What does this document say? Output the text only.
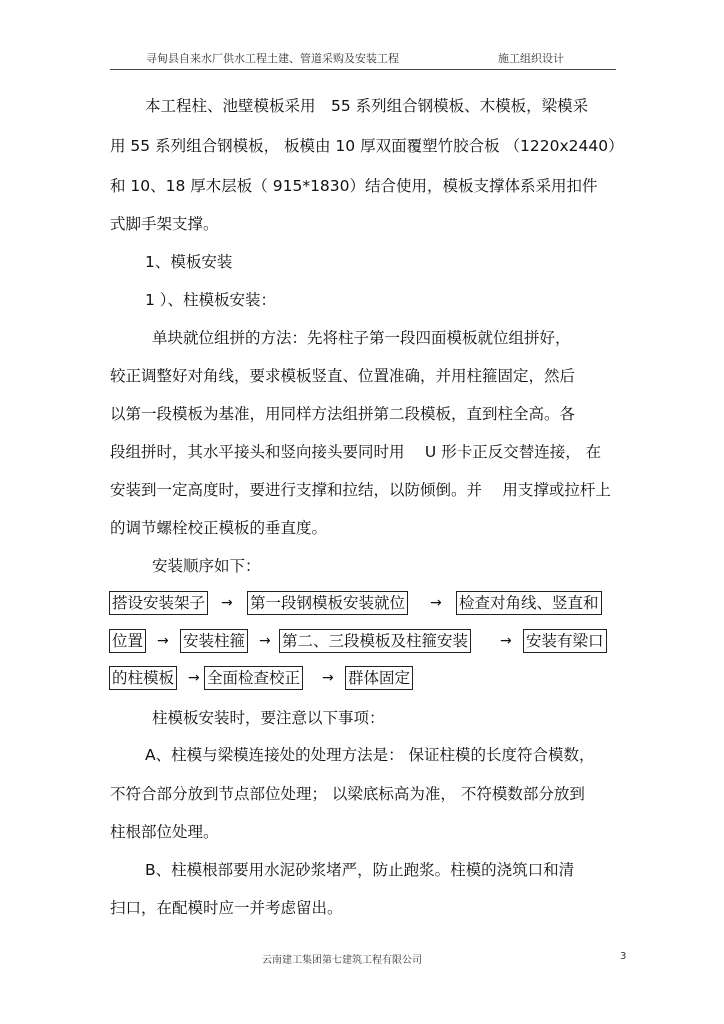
寻甸县自来水厂供水工程土建、管道采购及安装工程	施工组织设计
本工程柱、池壁模板采用　55 系列组合钢模板、木模板，梁模采
用 55 系列组合钢模板， 板模由 10 厚双面覆塑竹胶合板 （1220x2440）
和 10、18 厚木层板（ 915*1830）结合使用，模板支撑体系采用扣件
式脚手架支撑。
1、模板安装
1 ）、柱模板安装：
单块就位组拼的方法：先将柱子第一段四面模板就位组拼好，
较正调整好对角线，要求模板竖直、位置准确，并用柱箍固定，然后
以第一段模板为基准，用同样方法组拼第二段模板，直到柱全高。各
段组拼时，其水平接头和竖向接头要同时用　 U 形卡正反交替连接， 在
安装到一定高度时，要进行支撑和拉结，以防倾倒。并　 用支撑或拉杆上
的调节螺栓校正模板的垂直度。
安装顺序如下：
搭设安装架子 → 第一段钢模板安装就位 → 检查对角线、竖直和
位置 → 安装柱箍 → 第二、三段模板及柱箍安装 → 安装有梁口
的柱模板 → 全面检查校正 → 群体固定
柱模板安装时，要注意以下事项：
A、柱模与梁模连接处的处理方法是： 保证柱模的长度符合模数，
不符合部分放到节点部位处理； 以梁底标高为准， 不符模数部分放到
柱根部位处理。
B、柱模根部要用水泥砂浆堵严，防止跑浆。柱模的浇筑口和清
扫口，在配模时应一并考虑留出。
云南建工集团第七建筑工程有限公司	3
